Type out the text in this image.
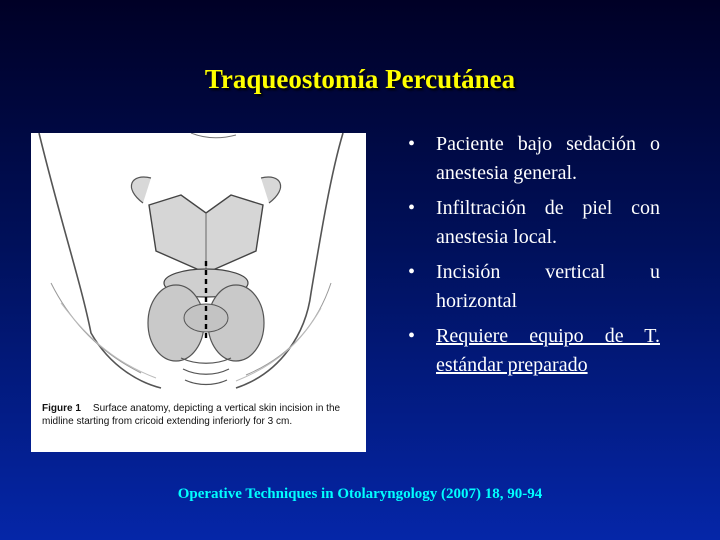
Traqueostomía Percutánea
Figure 1 Surface anatomy, depicting a vertical skin incision in the midline starting from cricoid extending inferiorly for 3 cm.
• Paciente bajo sedación o anestesia general.
• Infiltración de piel con anestesia local.
• Incisión vertical u horizontal
• Requiere equipo de T. estándar preparado
Operative Techniques in Otolaryngology (2007) 18, 90-94
